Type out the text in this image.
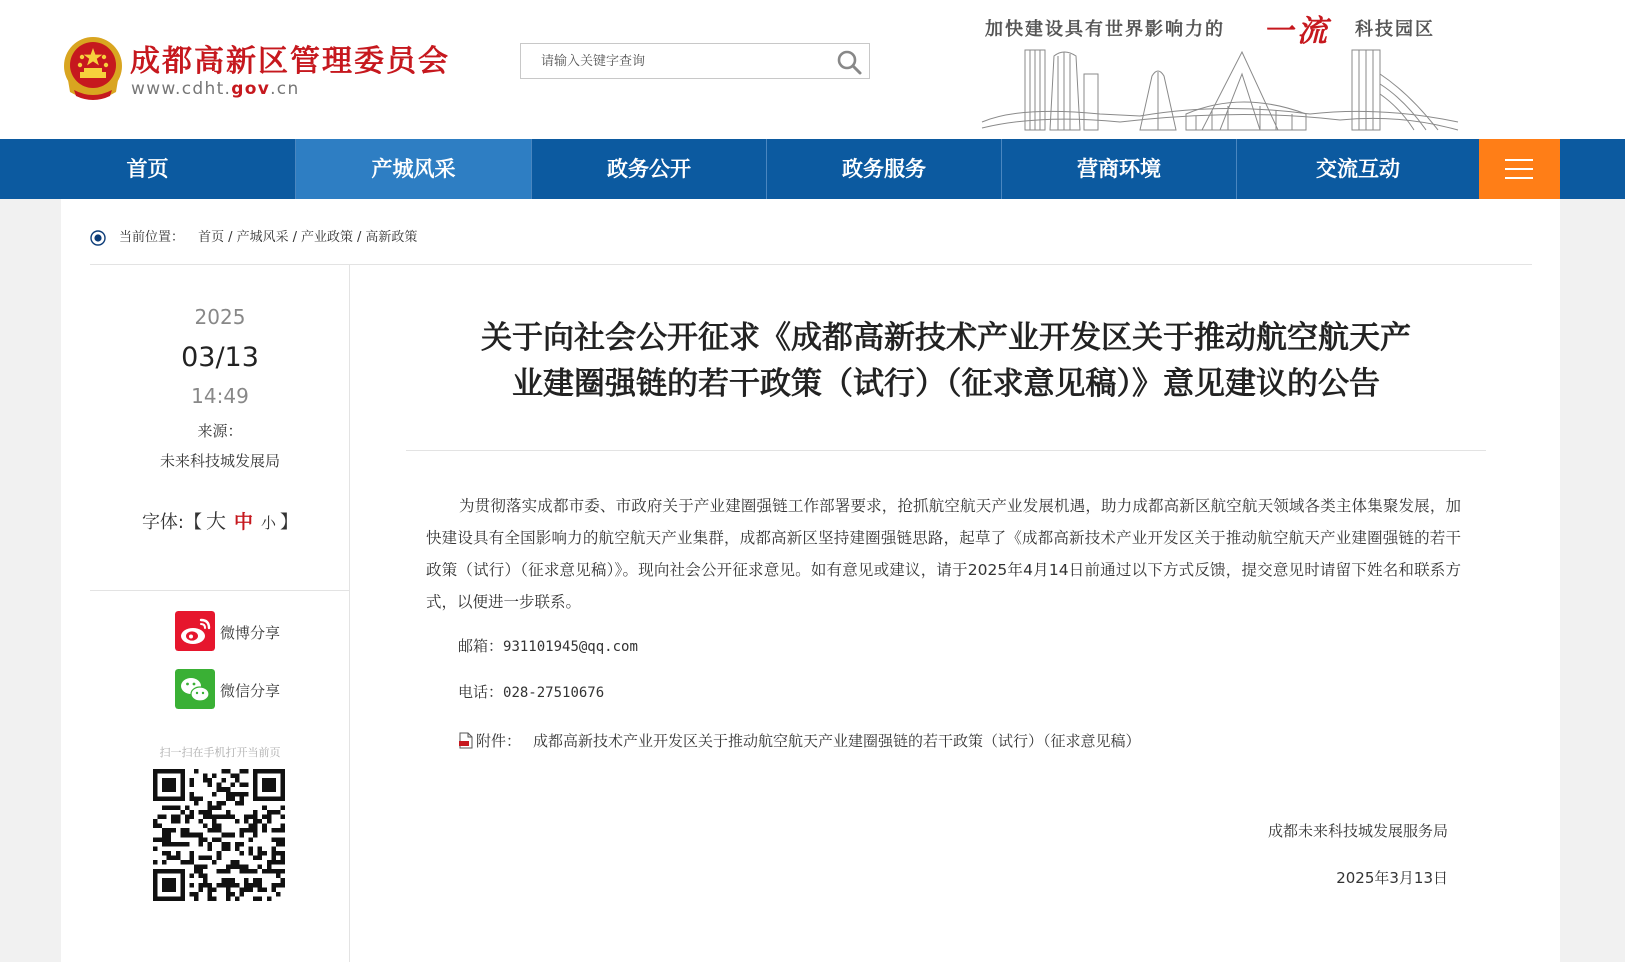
成都高新区管理委员会
www.cdht.gov.cn
请输入关键字查询
加快建设具有世界影响力的 一流 科技园区
首页	产城风采	政务公开	政务服务	营商环境	交流互动
当前位置： 首页 / 产城风采 / 产业政策 / 高新政策
2025
03/13
14:49
来源：
未来科技城发展局
字体:【 大 中 小 】
微博分享
微信分享
扫一扫在手机打开当前页
关于向社会公开征求《成都高新技术产业开发区关于推动航空航天产
业建圈强链的若干政策（试行）（征求意见稿）》意见建议的公告
为贯彻落实成都市委、市政府关于产业建圈强链工作部署要求，抢抓航空航天产业发展机遇，助力成都高新区航空航天领域各类主体集聚发展，加快建设具有全国影响力的航空航天产业集群，成都高新区坚持建圈强链思路，起草了《成都高新技术产业开发区关于推动航空航天产业建圈强链的若干政策（试行）（征求意见稿）》。现向社会公开征求意见。如有意见或建议，请于2025年4月14日前通过以下方式反馈，提交意见时请留下姓名和联系方式，以便进一步联系。
邮箱：931101945@qq.com
电话：028-27510676
附件： 成都高新技术产业开发区关于推动航空航天产业建圈强链的若干政策（试行）（征求意见稿）
成都未来科技城发展服务局
2025年3月13日
